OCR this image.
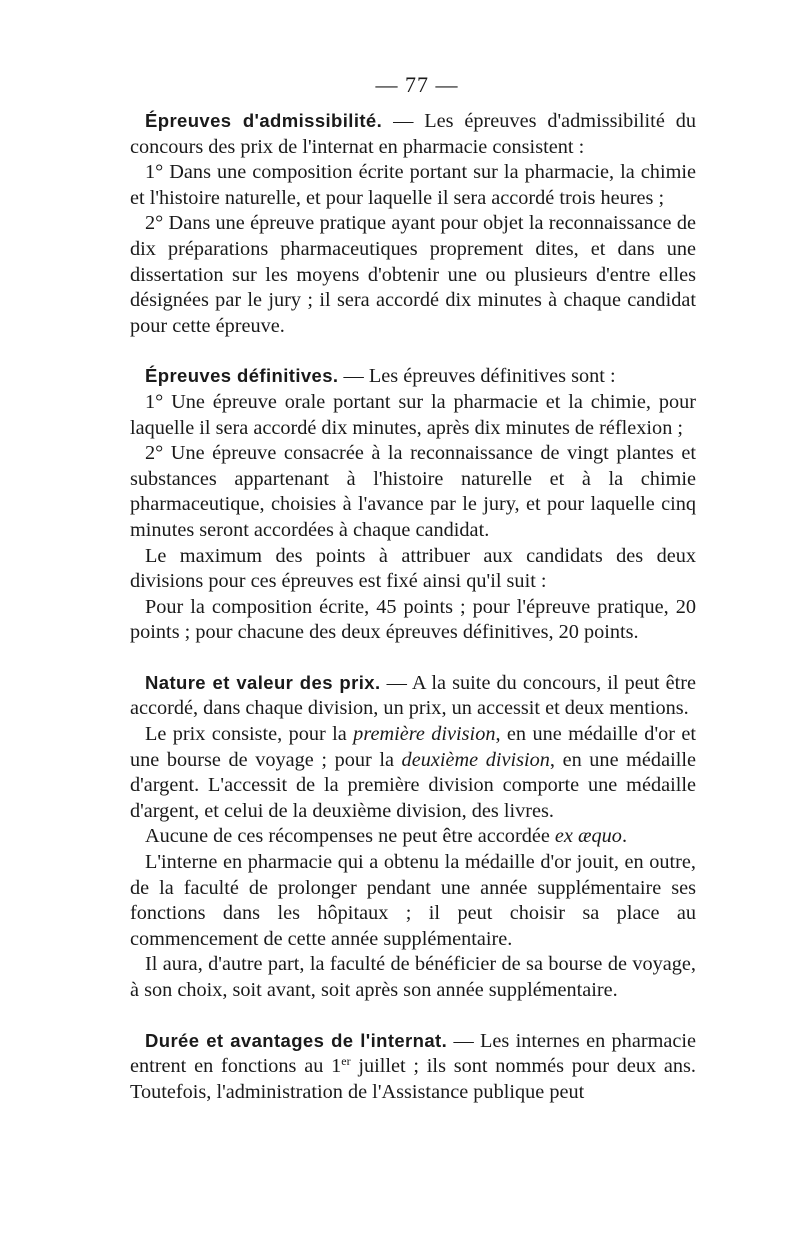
— 77 —

Épreuves d'admissibilité. — Les épreuves d'admissibilité du concours des prix de l'internat en pharmacie consistent :

1° Dans une composition écrite portant sur la pharmacie, la chimie et l'histoire naturelle, et pour laquelle il sera accordé trois heures ;

2° Dans une épreuve pratique ayant pour objet la reconnaissance de dix préparations pharmaceutiques proprement dites, et dans une dissertation sur les moyens d'obtenir une ou plusieurs d'entre elles désignées par le jury ; il sera accordé dix minutes à chaque candidat pour cette épreuve.

Épreuves définitives. — Les épreuves définitives sont :

1° Une épreuve orale portant sur la pharmacie et la chimie, pour laquelle il sera accordé dix minutes, après dix minutes de réflexion ;

2° Une épreuve consacrée à la reconnaissance de vingt plantes et substances appartenant à l'histoire naturelle et à la chimie pharmaceutique, choisies à l'avance par le jury, et pour laquelle cinq minutes seront accordées à chaque candidat.

Le maximum des points à attribuer aux candidats des deux divisions pour ces épreuves est fixé ainsi qu'il suit :

Pour la composition écrite, 45 points ; pour l'épreuve pratique, 20 points ; pour chacune des deux épreuves définitives, 20 points.

Nature et valeur des prix. — A la suite du concours, il peut être accordé, dans chaque division, un prix, un accessit et deux mentions.

Le prix consiste, pour la première division, en une médaille d'or et une bourse de voyage ; pour la deuxième division, en une médaille d'argent. L'accessit de la première division comporte une médaille d'argent, et celui de la deuxième division, des livres.

Aucune de ces récompenses ne peut être accordée ex æquo.

L'interne en pharmacie qui a obtenu la médaille d'or jouit, en outre, de la faculté de prolonger pendant une année supplémentaire ses fonctions dans les hôpitaux ; il peut choisir sa place au commencement de cette année supplémentaire.

Il aura, d'autre part, la faculté de bénéficier de sa bourse de voyage, à son choix, soit avant, soit après son année supplémentaire.

Durée et avantages de l'internat. — Les internes en pharmacie entrent en fonctions au 1er juillet ; ils sont nommés pour deux ans. Toutefois, l'administration de l'Assistance publique peut
